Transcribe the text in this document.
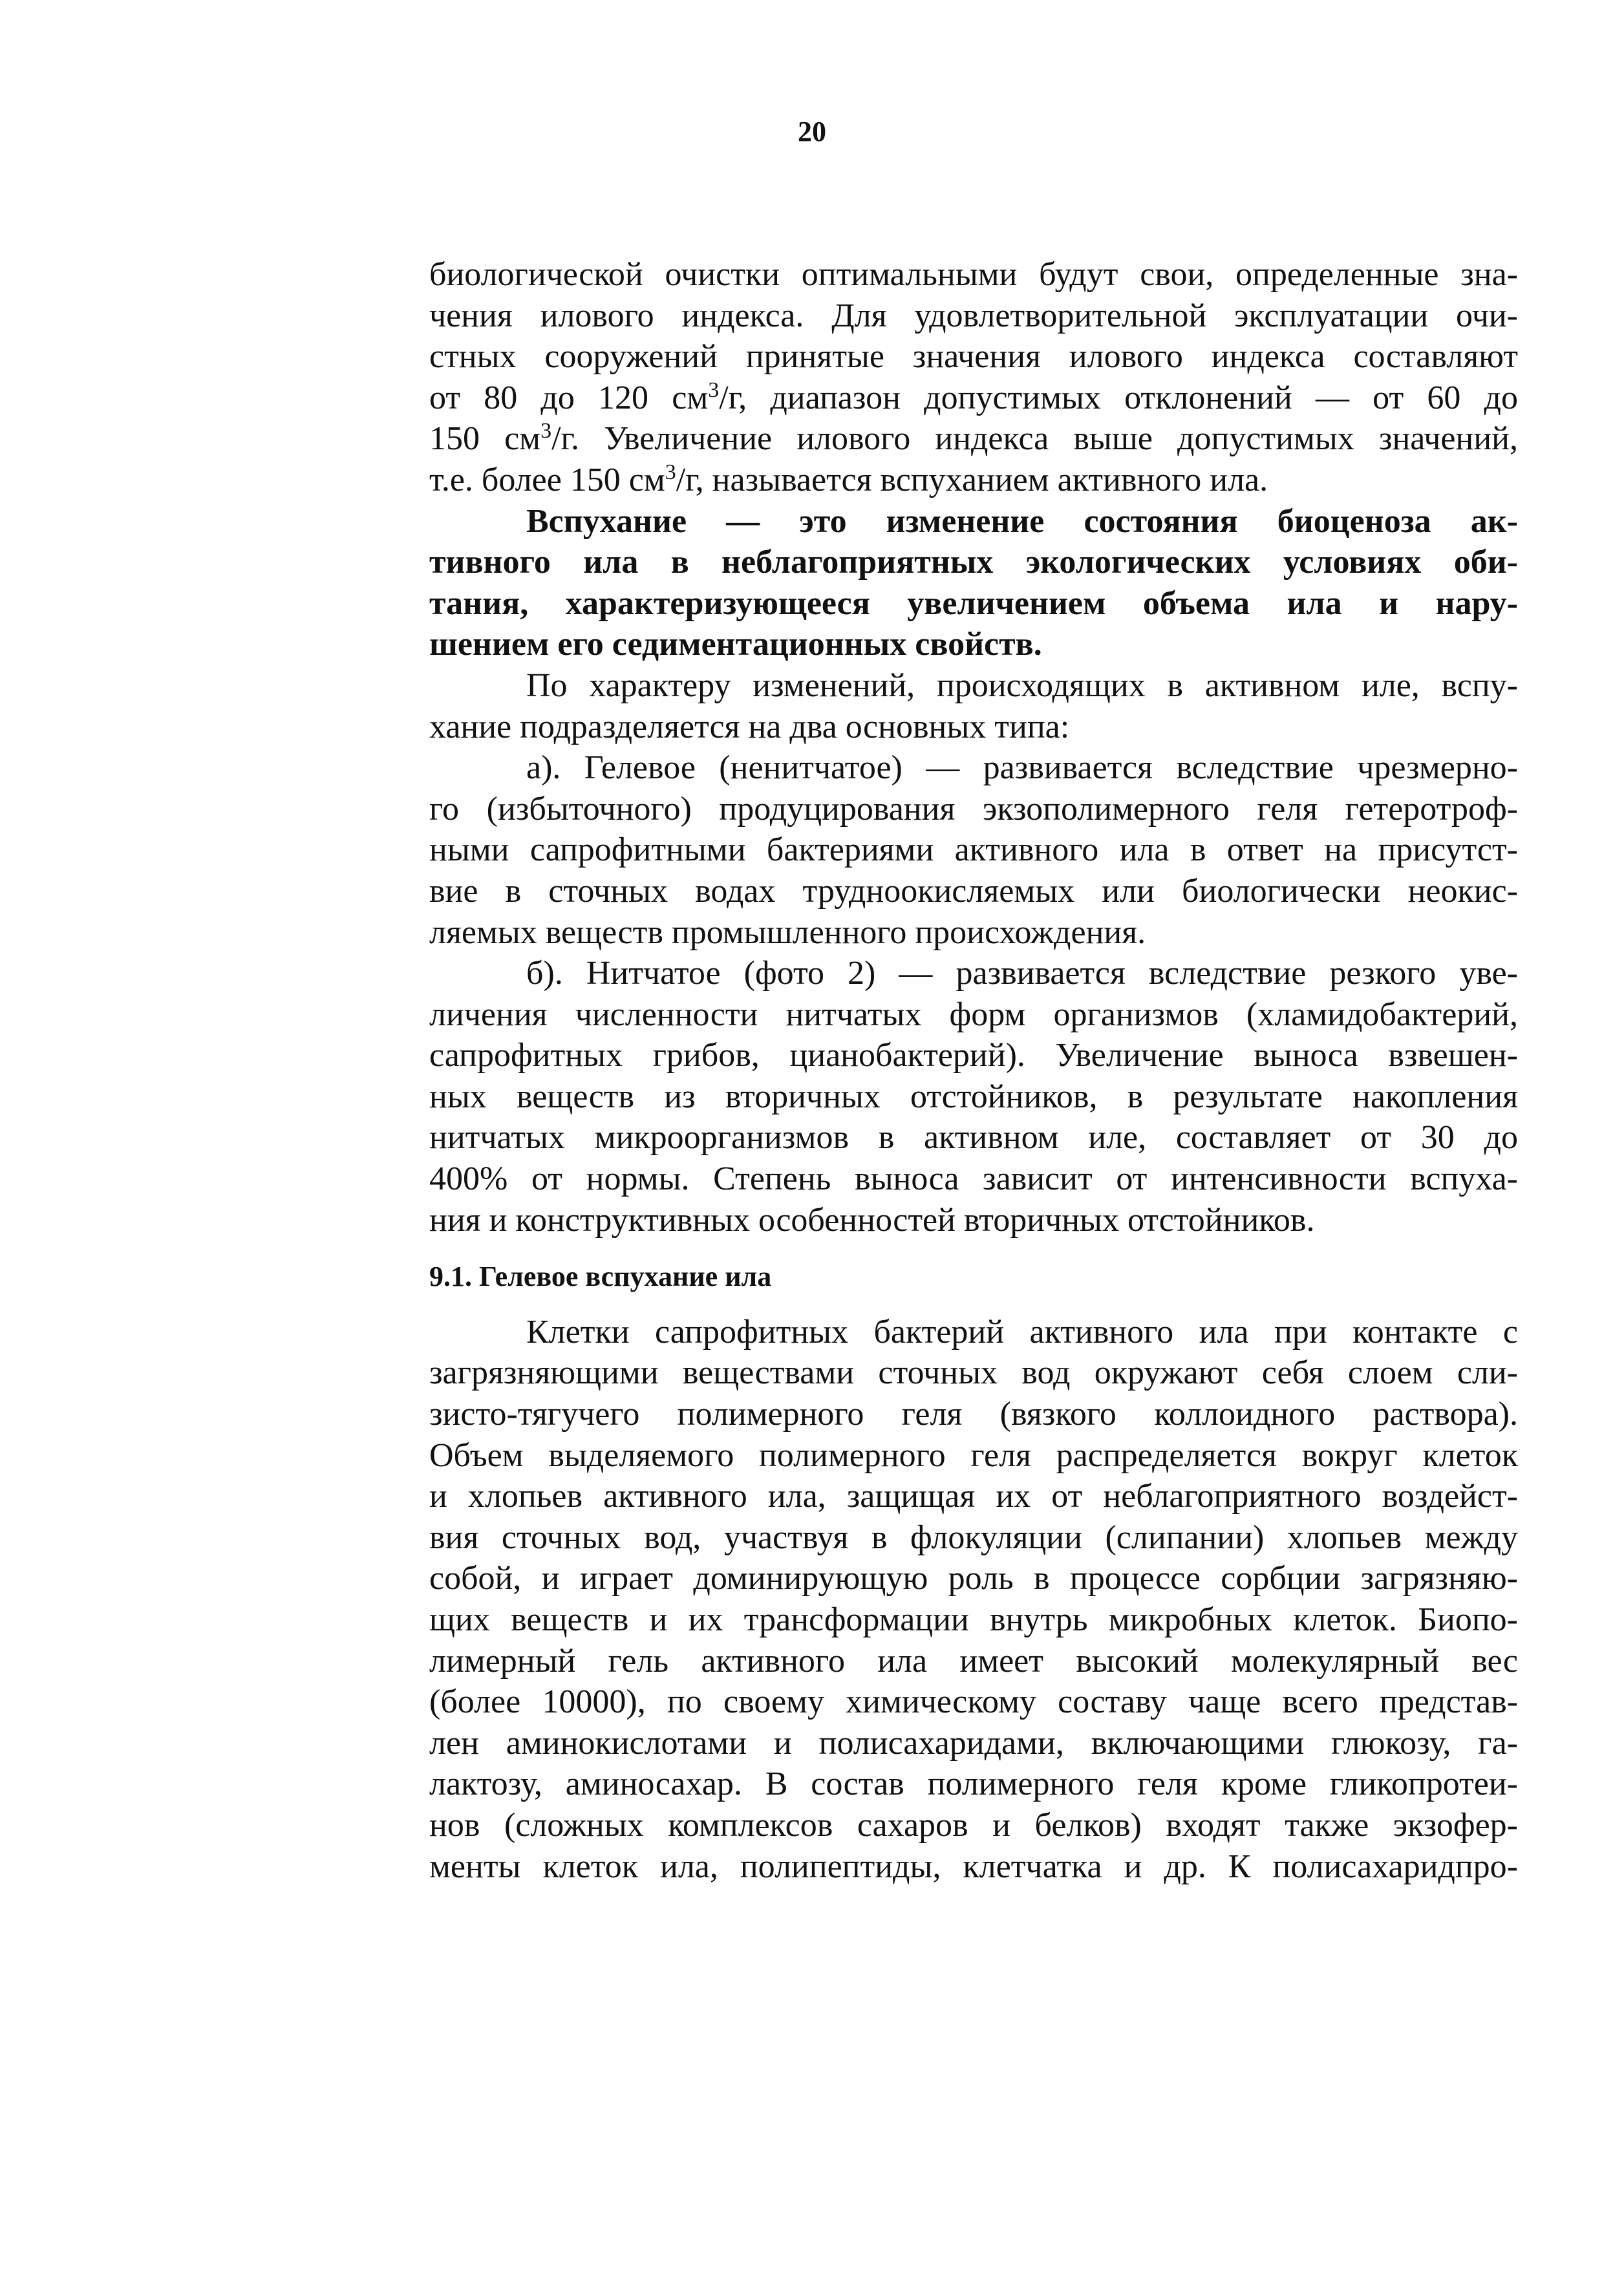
20

биологической очистки оптимальными будут свои, определенные зна-
чения илового индекса. Для удовлетворительной эксплуатации очи-
стных сооружений принятые значения илового индекса составляют
от 80 до 120 $см^3/г$, диапазон допустимых отклонений — от 60 до
150 $см^3/г$. Увеличение илового индекса выше допустимых значений,
т.е. более 150 $см^3/г$, называется вспуханием активного ила.
Вспухание — это изменение состояния биоценоза ак-
тивного ила в неблагоприятных экологических условиях оби-
тания, характеризующееся увеличением объема ила и нару-
шением его седиментационных свойств.
По характеру изменений, происходящих в активном иле, вспу-
хание подразделяется на два основных типа:
а). Гелевое (ненитчатое) — развивается вследствие чрезмерно-
го (избыточного) продуцирования экзополимерного геля гетеротроф-
ными сапрофитными бактериями активного ила в ответ на присутст-
вие в сточных водах трудноокисляемых или биологически неокис-
ляемых веществ промышленного происхождения.
б). Нитчатое (фото 2) — развивается вследствие резкого уве-
личения численности нитчатых форм организмов (хламидобактерий,
сапрофитных грибов, цианобактерий). Увеличение выноса взвешен-
ных веществ из вторичных отстойников, в результате накопления
нитчатых микроорганизмов в активном иле, составляет от 30 до
400% от нормы. Степень выноса зависит от интенсивности вспуха-
ния и конструктивных особенностей вторичных отстойников.
9.1. Гелевое вспухание ила
Клетки сапрофитных бактерий активного ила при контакте с
загрязняющими веществами сточных вод окружают себя слоем сли-
зисто-тягучего полимерного геля (вязкого коллоидного раствора).
Объем выделяемого полимерного геля распределяется вокруг клеток
и хлопьев активного ила, защищая их от неблагоприятного воздейст-
вия сточных вод, участвуя в флокуляции (слипании) хлопьев между
собой, и играет доминирующую роль в процессе сорбции загрязняю-
щих веществ и их трансформации внутрь микробных клеток. Биопо-
лимерный гель активного ила имеет высокий молекулярный вес
(более 10000), по своему химическому составу чаще всего представ-
лен аминокислотами и полисахаридами, включающими глюкозу, га-
лактозу, аминосахар. В состав полимерного геля кроме гликопротеи-
нов (сложных комплексов сахаров и белков) входят также экзофер-
менты клеток ила, полипептиды, клетчатка и др. К полисахаридпро-
